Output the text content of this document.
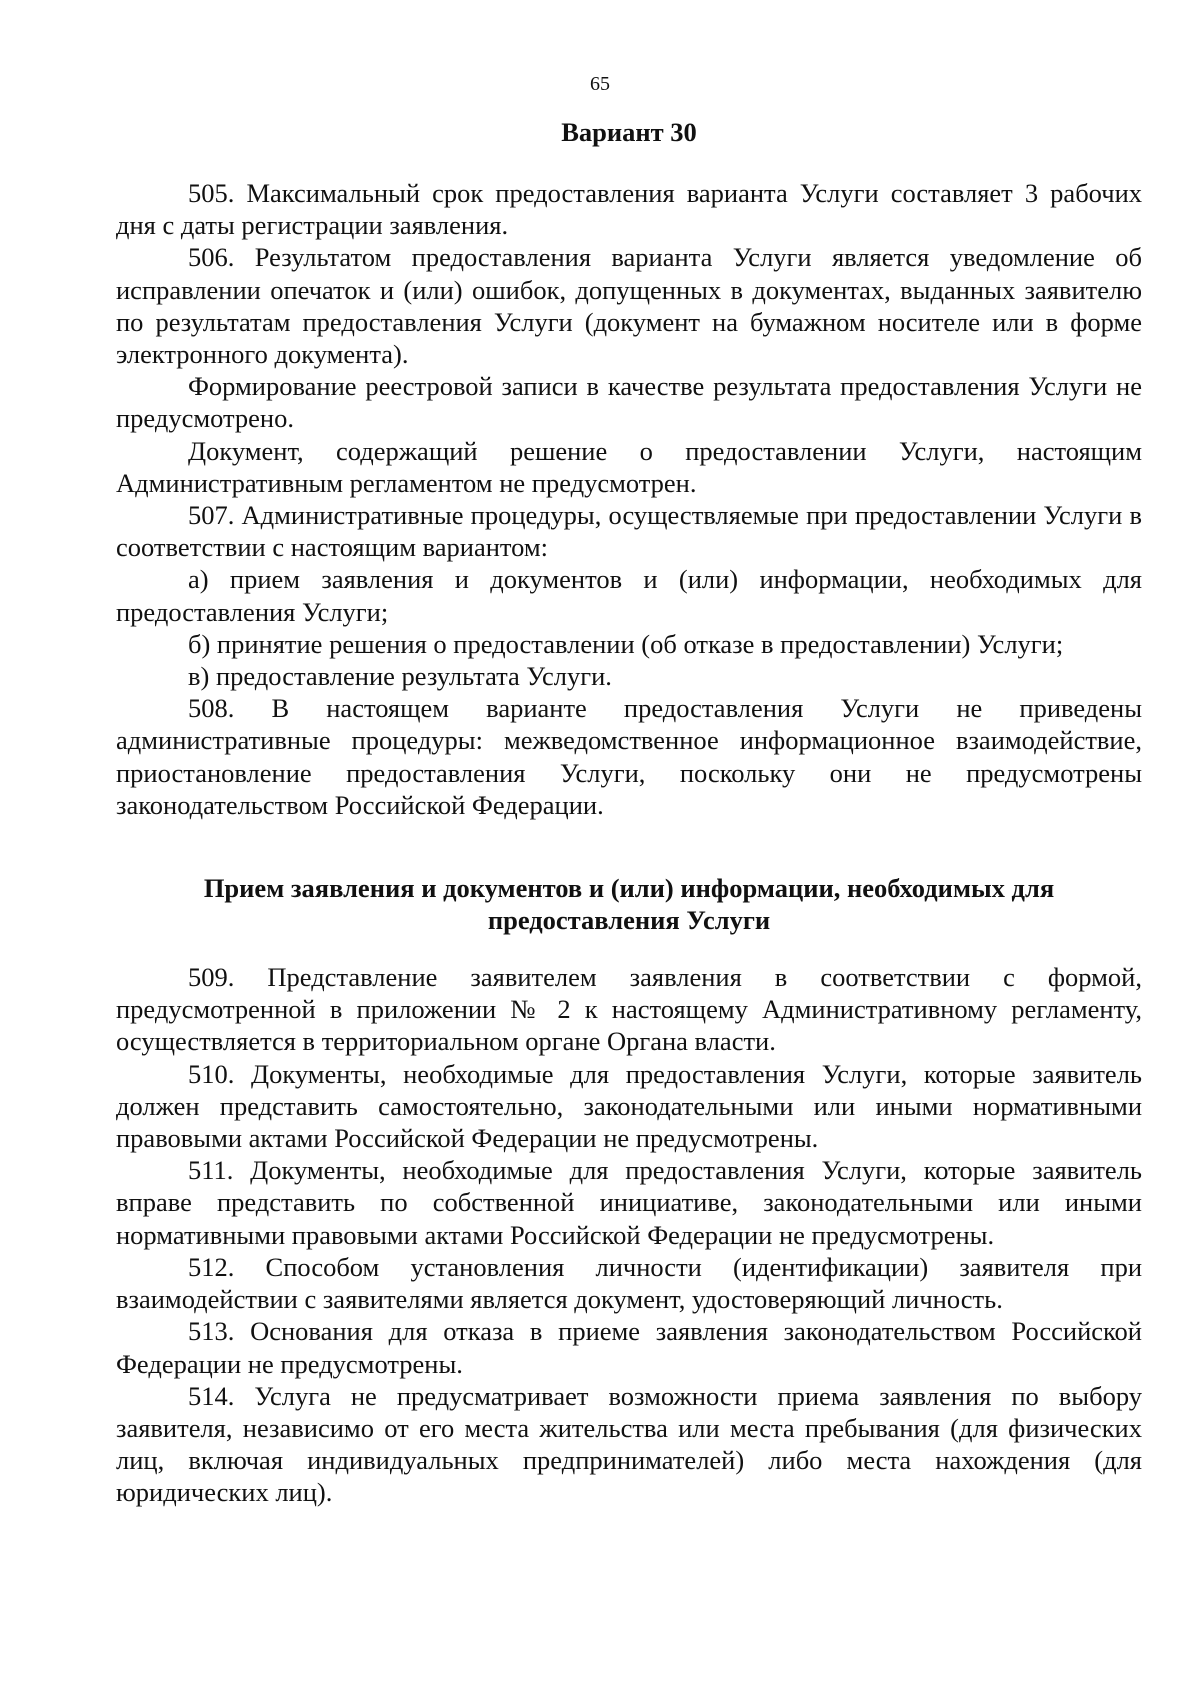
65
Вариант 30

505. Максимальный срок предоставления варианта Услуги составляет 3 рабочих дня с даты регистрации заявления.

506. Результатом предоставления варианта Услуги является уведомление об исправлении опечаток и (или) ошибок, допущенных в документах, выданных заявителю по результатам предоставления Услуги (документ на бумажном носителе или в форме электронного документа).

Формирование реестровой записи в качестве результата предоставления Услуги не предусмотрено.

Документ, содержащий решение о предоставлении Услуги, настоящим Административным регламентом не предусмотрен.

507. Административные процедуры, осуществляемые при предоставлении Услуги в соответствии с настоящим вариантом:

а) прием заявления и документов и (или) информации, необходимых для предоставления Услуги;

б) принятие решения о предоставлении (об отказе в предоставлении) Услуги;

в) предоставление результата Услуги.

508. В настоящем варианте предоставления Услуги не приведены административные процедуры: межведомственное информационное взаимодействие, приостановление предоставления Услуги, поскольку они не предусмотрены законодательством Российской Федерации.

Прием заявления и документов и (или) информации, необходимых для предоставления Услуги

509. Представление заявителем заявления в соответствии с формой, предусмотренной в приложении № 2 к настоящему Административному регламенту, осуществляется в территориальном органе Органа власти.

510. Документы, необходимые для предоставления Услуги, которые заявитель должен представить самостоятельно, законодательными или иными нормативными правовыми актами Российской Федерации не предусмотрены.

511. Документы, необходимые для предоставления Услуги, которые заявитель вправе представить по собственной инициативе, законодательными или иными нормативными правовыми актами Российской Федерации не предусмотрены.

512. Способом установления личности (идентификации) заявителя при взаимодействии с заявителями является документ, удостоверяющий личность.

513. Основания для отказа в приеме заявления законодательством Российской Федерации не предусмотрены.

514. Услуга не предусматривает возможности приема заявления по выбору заявителя, независимо от его места жительства или места пребывания (для физических лиц, включая индивидуальных предпринимателей) либо места нахождения (для юридических лиц).
